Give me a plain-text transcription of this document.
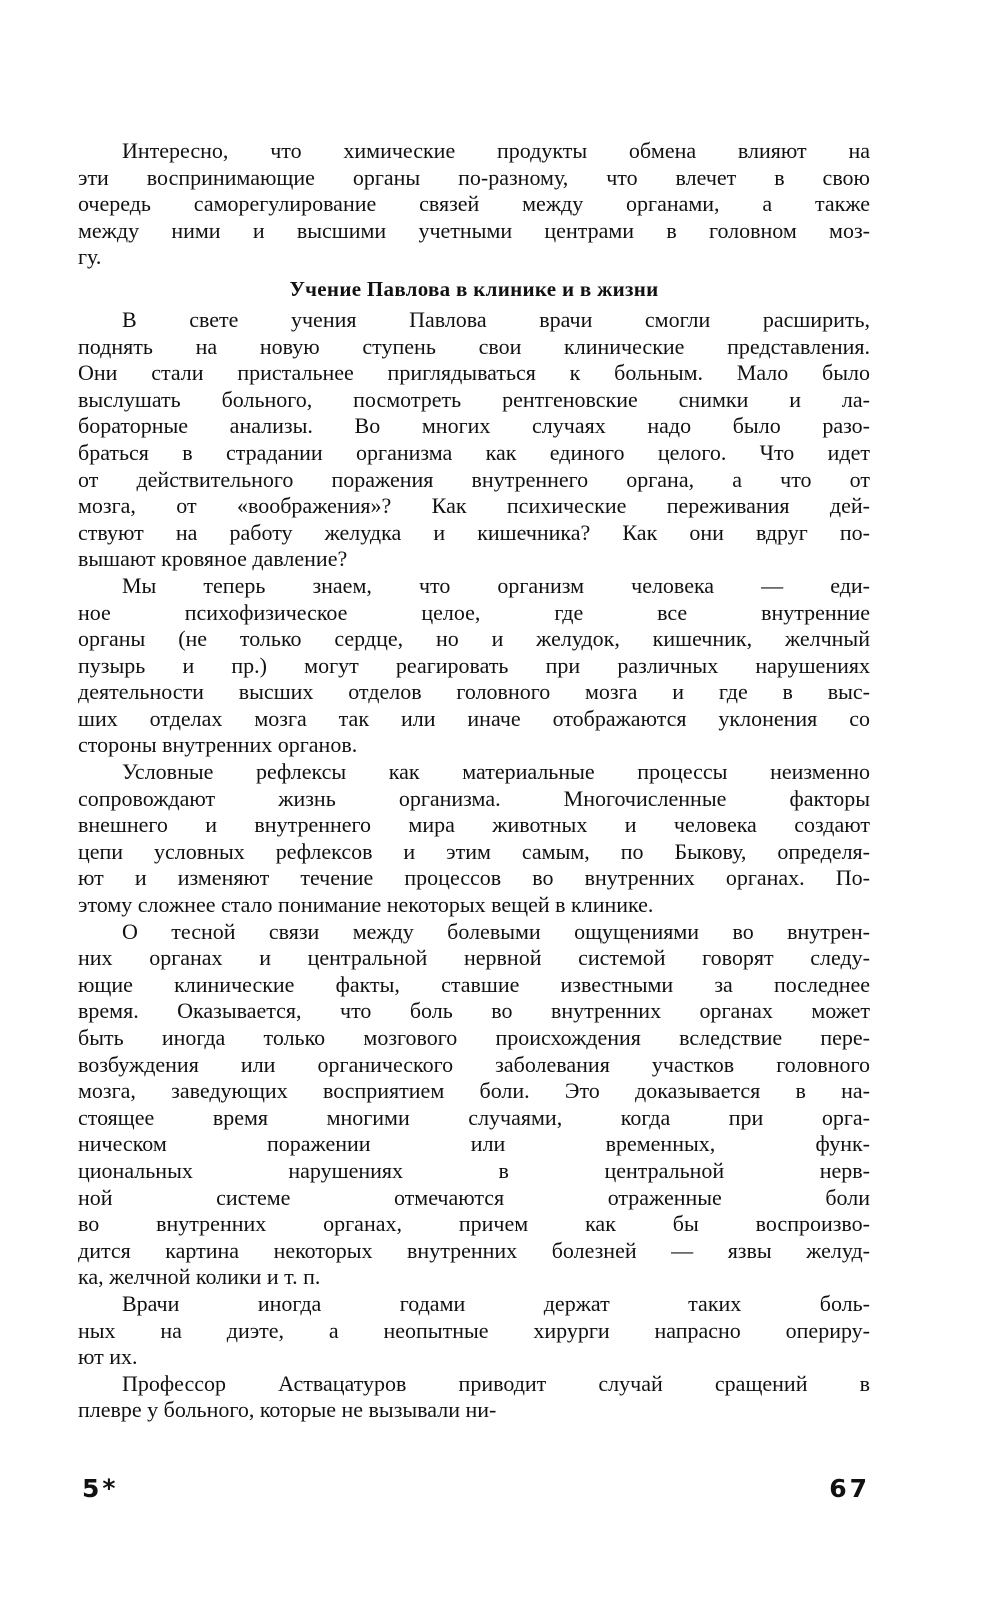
Интересно, что химические продукты обмена влияют на
эти воспринимающие органы по-разному, что влечет в свою
очередь саморегулирование связей между органами, а также
между ними и высшими учетными центрами в головном моз-
гу.
Учение Павлова в клинике и в жизни
В свете учения Павлова врачи смогли расширить,
поднять на новую ступень свои клинические представления.
Они стали пристальнее приглядываться к больным. Мало было
выслушать больного, посмотреть рентгеновские снимки и ла-
бораторные анализы. Во многих случаях надо было разо-
браться в страдании организма как единого целого. Что идет
от действительного поражения внутреннего органа, а что от
мозга, от «воображения»? Как психические переживания дей-
ствуют на работу желудка и кишечника? Как они вдруг по-
вышают кровяное давление?
Мы теперь знаем, что организм человека — еди-
ное психофизическое целое, где все внутренние
органы (не только сердце, но и желудок, кишечник, желчный
пузырь и пр.) могут реагировать при различных нарушениях
деятельности высших отделов головного мозга и где в выс-
ших отделах мозга так или иначе отображаются уклонения со
стороны внутренних органов.
Условные рефлексы как материальные процессы неизменно
сопровождают жизнь организма. Многочисленные факторы
внешнего и внутреннего мира животных и человека создают
цепи условных рефлексов и этим самым, по Быкову, определя-
ют и изменяют течение процессов во внутренних органах. По-
этому сложнее стало понимание некоторых вещей в клинике.
О тесной связи между болевыми ощущениями во внутрен-
них органах и центральной нервной системой говорят следу-
ющие клинические факты, ставшие известными за последнее
время. Оказывается, что боль во внутренних органах может
быть иногда только мозгового происхождения вследствие пере-
возбуждения или органического заболевания участков головного
мозга, заведующих восприятием боли. Это доказывается в на-
стоящее время многими случаями, когда при орга-
ническом поражении или временных, функ-
циональных нарушениях в центральной нерв-
ной системе отмечаются отраженные боли
во внутренних органах, причем как бы воспроизво-
дится картина некоторых внутренних болезней — язвы желуд-
ка, желчной колики и т. п.
Врачи иногда годами держат таких боль-
ных на диэте, а неопытные хирурги напрасно опериру-
ют их.
Профессор Аствацатуров приводит случай сращений в
плевре у больного, которые не вызывали ни-
5*	67
